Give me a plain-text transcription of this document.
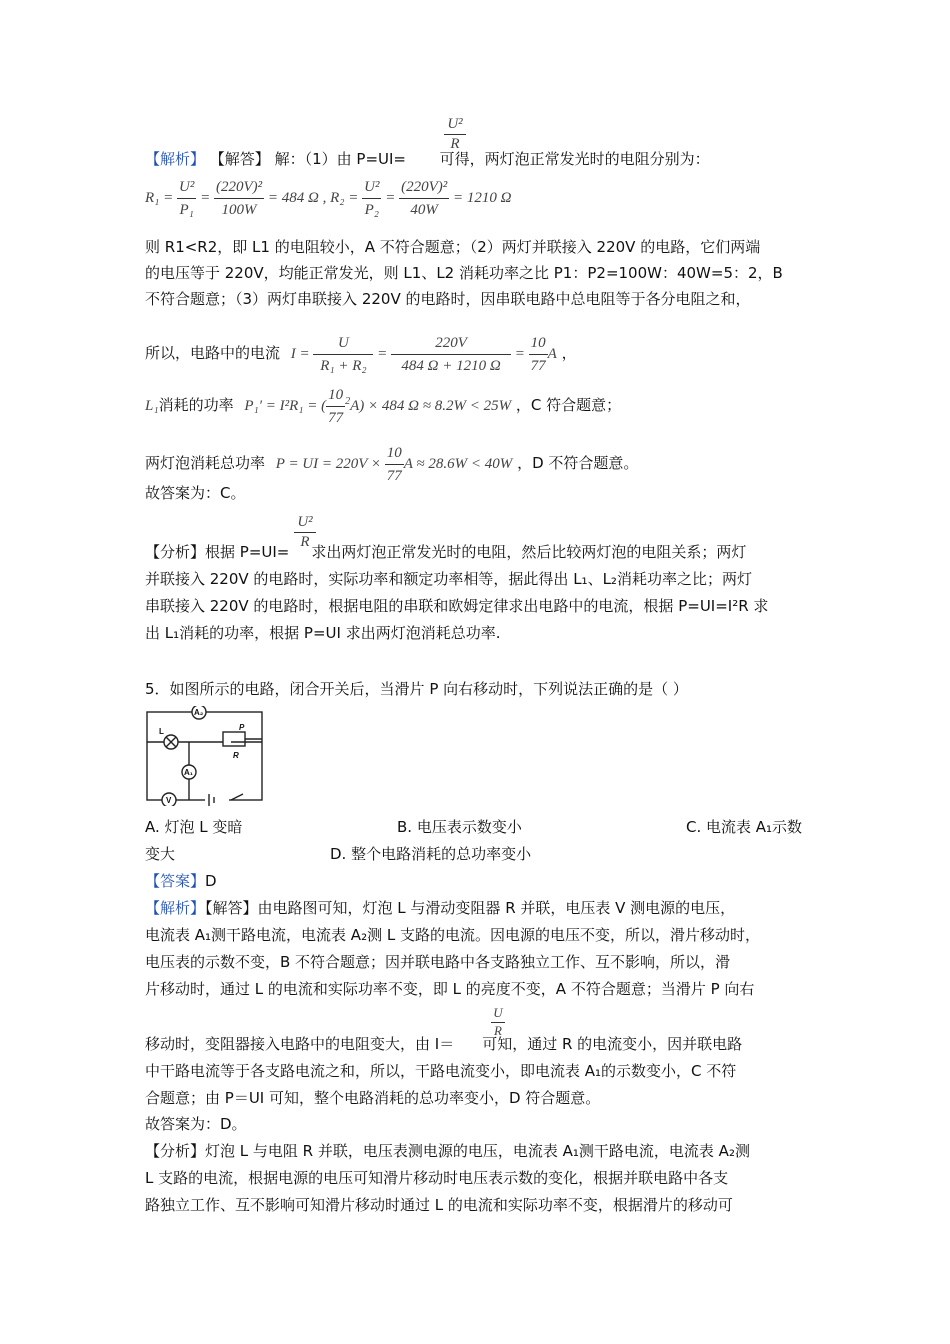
$\frac{\text{U²}}{R}$
【解析】 【解答】 解：（1）由 P=UI= 可得，两灯泡正常发光时的电阻分别为：
$R_1 = \frac{\text{U²}}{\text{P₁}} = \frac{\text{(220V)²}}{100W} = 484$ Ω , $R_2 = \frac{\text{U²}}{\text{P₂}} = \frac{\text{(220V)²}}{40W} = 1210$ Ω
则 R1<R2，即 L1 的电阻较小，A 不符合题意；（2）两灯并联接入 220V 的电路，它们两端
的电压等于 220V，均能正常发光，则 L1、L2 消耗功率之比 P1：P2=100W：40W=5：2，B
不符合题意；（3）两灯串联接入 220V 的电路时，因串联电路中总电阻等于各分电阻之和，
所以，电路中的电流 $I = \frac{U}{\text{R₁ + R₂}} = \frac{220V}{484 \Omega + 1210 \Omega} = \frac{10}{77}$ A ，
L₁消耗的功率 P₁′ = I²R₁ = ( $\frac{10}{77} ^2A) \times 484$ Ω ≈ 8.2W < 25W ，C 符合题意；
两灯泡消耗总功率 P = UI = $220V \times \frac{10}{77}$ A ≈ 28.6W < 40W ，D 不符合题意。
故答案为：C。
$\frac{\text{U²}}{R}$
【分析】根据 P=UI= 求出两灯泡正常发光时的电阻，然后比较两灯泡的电阻关系；两灯
并联接入 220V 的电路时，实际功率和额定功率相等，据此得出 L₁、L₂消耗功率之比；两灯
串联接入 220V 的电路时，根据电阻的串联和欧姆定律求出电路中的电流，根据 P=UI=I²R 求
出 L₁消耗的功率，根据 P=UI 求出两灯泡消耗总功率.
5．如图所示的电路，闭合开关后，当滑片 P 向右移动时，下列说法正确的是（ ）
A₂
L	P
R
A₁
V
A. 灯泡 L 变暗	B. 电压表示数变小	C. 电流表 A₁示数
变大	D. 整个电路消耗的总功率变小
【答案】D
【解析】【解答】由电路图可知，灯泡 L 与滑动变阻器 R 并联，电压表 V 测电源的电压，
电流表 A₁测干路电流，电流表 A₂测 L 支路的电流。因电源的电压不变，所以，滑片移动时，
电压表的示数不变，B 不符合题意；因并联电路中各支路独立工作、互不影响，所以，滑
片移动时，通过 L 的电流和实际功率不变，即 L 的亮度不变，A 不符合题意；当滑片 P 向右
$\frac{U}{R}$
移动时，变阻器接入电路中的电阻变大，由 I＝ 可知，通过 R 的电流变小，因并联电路
中干路电流等于各支路电流之和，所以，干路电流变小，即电流表 A₁的示数变小，C 不符
合题意；由 P＝UI 可知，整个电路消耗的总功率变小，D 符合题意。
故答案为：D。
【分析】灯泡 L 与电阻 R 并联，电压表测电源的电压，电流表 A₁测干路电流，电流表 A₂测
L 支路的电流，根据电源的电压可知滑片移动时电压表示数的变化，根据并联电路中各支
路独立工作、互不影响可知滑片移动时通过 L 的电流和实际功率不变，根据滑片的移动可
